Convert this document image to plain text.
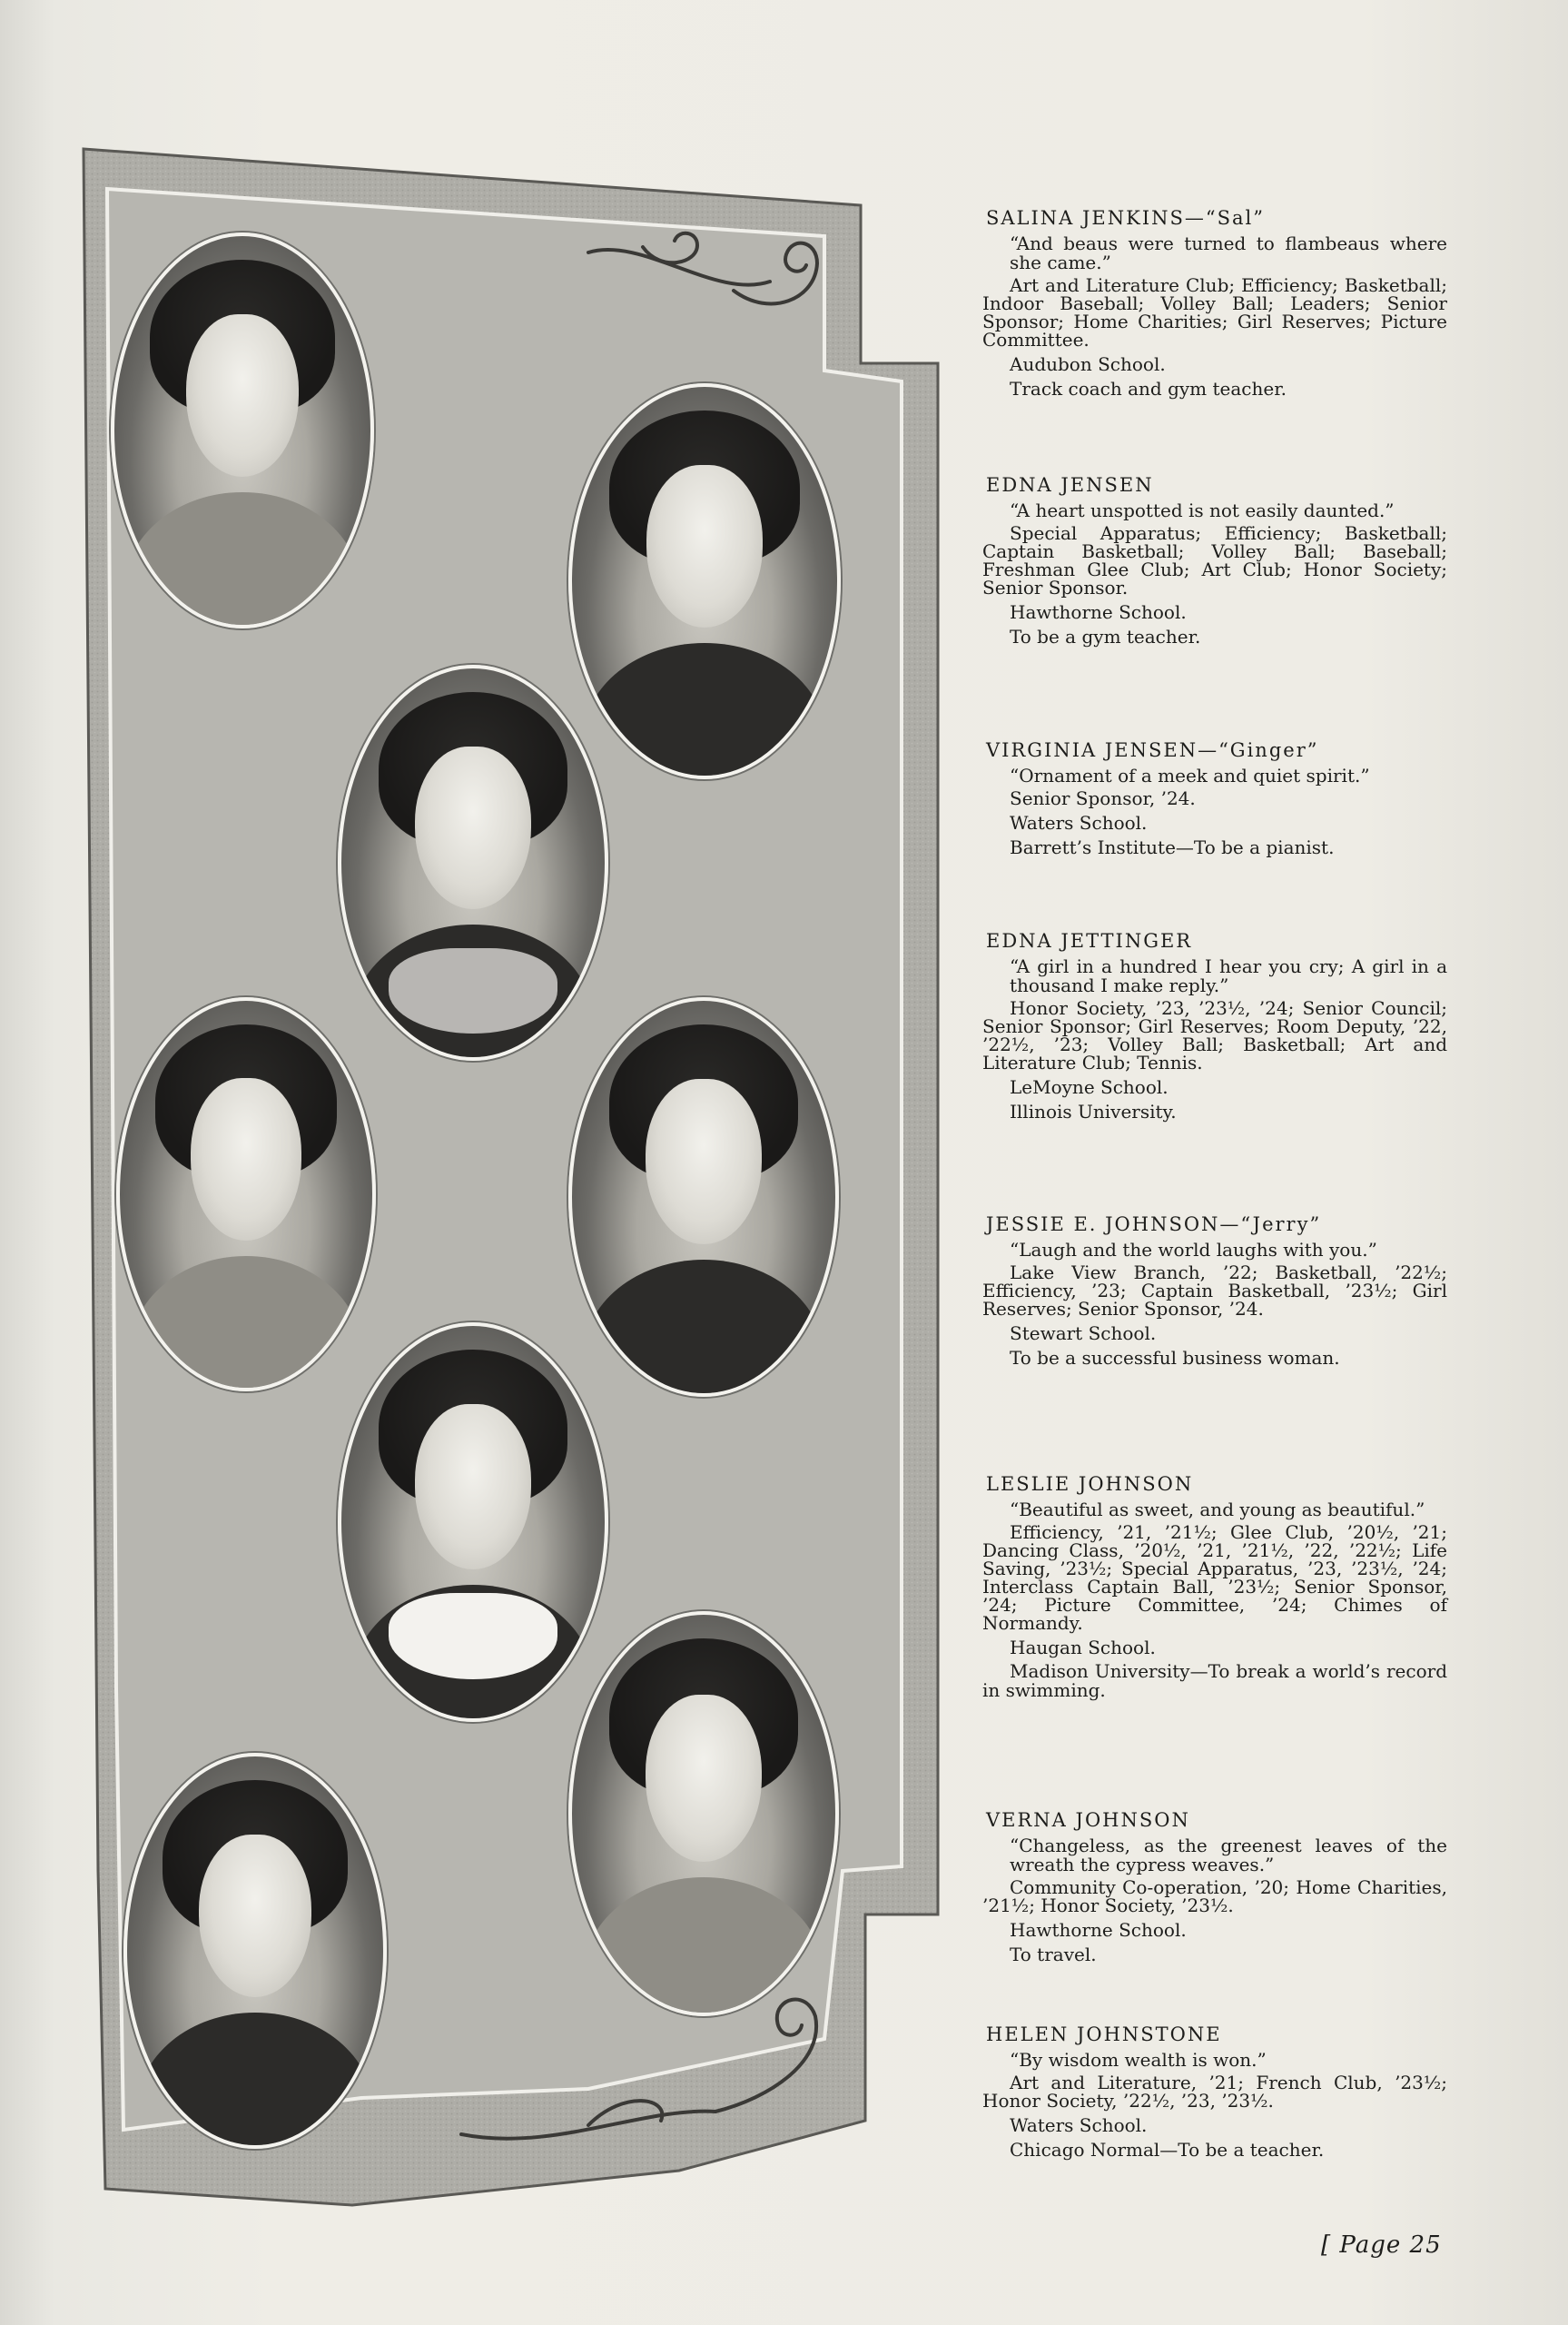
SALINA JENKINS—“Sal”
“And beaus were turned to flambeaus where she came.”
Art and Literature Club; Efficiency; Basketball; Indoor Baseball; Volley Ball; Leaders; Senior Sponsor; Home Charities; Girl Reserves; Picture Committee.
Audubon School.
Track coach and gym teacher.
EDNA JENSEN
“A heart unspotted is not easily daunted.”
Special Apparatus; Efficiency; Basketball; Captain Basketball; Volley Ball; Baseball; Freshman Glee Club; Art Club; Honor Society; Senior Sponsor.
Hawthorne School.
To be a gym teacher.
VIRGINIA JENSEN—“Ginger”
“Ornament of a meek and quiet spirit.”
Senior Sponsor, ’24.
Waters School.
Barrett’s Institute—To be a pianist.
EDNA JETTINGER
“A girl in a hundred I hear you cry; A girl in a thousand I make reply.”
Honor Society, ’23, ’23½, ’24; Senior Council; Senior Sponsor; Girl Reserves; Room Deputy, ’22, ’22½, ’23; Volley Ball; Basketball; Art and Literature Club; Tennis.
LeMoyne School.
Illinois University.
JESSIE E. JOHNSON—“Jerry”
“Laugh and the world laughs with you.”
Lake View Branch, ’22; Basketball, ’22½; Efficiency, ’23; Captain Basketball, ’23½; Girl Reserves; Senior Sponsor, ’24.
Stewart School.
To be a successful business woman.
LESLIE JOHNSON
“Beautiful as sweet, and young as beautiful.”
Efficiency, ’21, ’21½; Glee Club, ’20½, ’21; Dancing Class, ’20½, ’21, ’21½, ’22, ’22½; Life Saving, ’23½; Special Apparatus, ’23, ’23½, ’24; Interclass Captain Ball, ’23½; Senior Sponsor, ’24; Picture Committee, ’24; Chimes of Normandy.
Haugan School.
Madison University—To break a world’s record in swimming.
VERNA JOHNSON
“Changeless, as the greenest leaves of the wreath the cypress weaves.”
Community Co-operation, ’20; Home Charities, ’21½; Honor Society, ’23½.
Hawthorne School.
To travel.
HELEN JOHNSTONE
“By wisdom wealth is won.”
Art and Literature, ’21; French Club, ’23½; Honor Society, ’22½, ’23, ’23½.
Waters School.
Chicago Normal—To be a teacher.
[ Page 25
